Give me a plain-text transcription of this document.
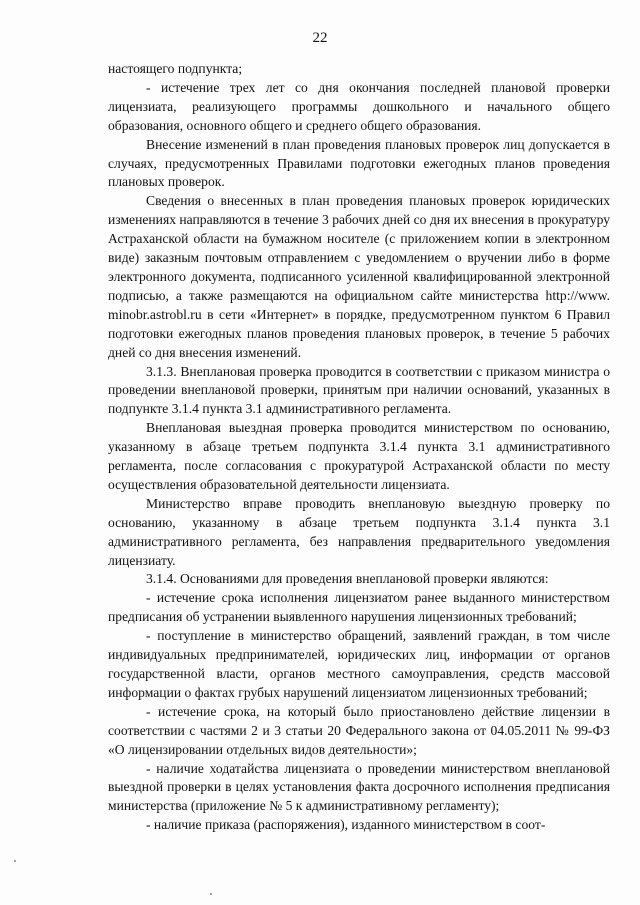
22

настоящего подпункта;

- истечение трех лет со дня окончания последней плановой проверки лицензиата, реализующего программы дошкольного и начального общего образования, основного общего и среднего общего образования.

Внесение изменений в план проведения плановых проверок лиц допускается в случаях, предусмотренных Правилами подготовки ежегодных планов проведения плановых проверок.

Сведения о внесенных в план проведения плановых проверок юридических изменениях направляются в течение 3 рабочих дней со дня их внесения в прокуратуру Астраханской области на бумажном носителе (с приложением копии в электронном виде) заказным почтовым отправлением с уведомлением о вручении либо в форме электронного документа, подписанного усиленной квалифицированной электронной подписью, а также размещаются на официальном сайте министерства http://www. minobr.astrobl.ru в сети «Интернет» в порядке, предусмотренном пунктом 6 Правил подготовки ежегодных планов проведения плановых проверок, в течение 5 рабочих дней со дня внесения изменений.

3.1.3. Внеплановая проверка проводится в соответствии с приказом министра о проведении внеплановой проверки, принятым при наличии оснований, указанных в подпункте 3.1.4 пункта 3.1 административного регламента.

Внеплановая выездная проверка проводится министерством по основанию, указанному в абзаце третьем подпункта 3.1.4 пункта 3.1 административного регламента, после согласования с прокуратурой Астраханской области по месту осуществления образовательной деятельности лицензиата.

Министерство вправе проводить внеплановую выездную проверку по основанию, указанному в абзаце третьем подпункта 3.1.4 пункта 3.1 административного регламента, без направления предварительного уведомления лицензиату.

3.1.4. Основаниями для проведения внеплановой проверки являются:

- истечение срока исполнения лицензиатом ранее выданного министерством предписания об устранении выявленного нарушения лицензионных требований;

- поступление в министерство обращений, заявлений граждан, в том числе индивидуальных предпринимателей, юридических лиц, информации от органов государственной власти, органов местного самоуправления, средств массовой информации о фактах грубых нарушений лицензиатом лицензионных требований;

- истечение срока, на который было приостановлено действие лицензии в соответствии с частями 2 и 3 статьи 20 Федерального закона от 04.05.2011 № 99-ФЗ «О лицензировании отдельных видов деятельности»;

- наличие ходатайства лицензиата о проведении министерством внеплановой выездной проверки в целях установления факта досрочного исполнения предписания министерства (приложение № 5 к административному регламенту);

- наличие приказа (распоряжения), изданного министерством в соот-
